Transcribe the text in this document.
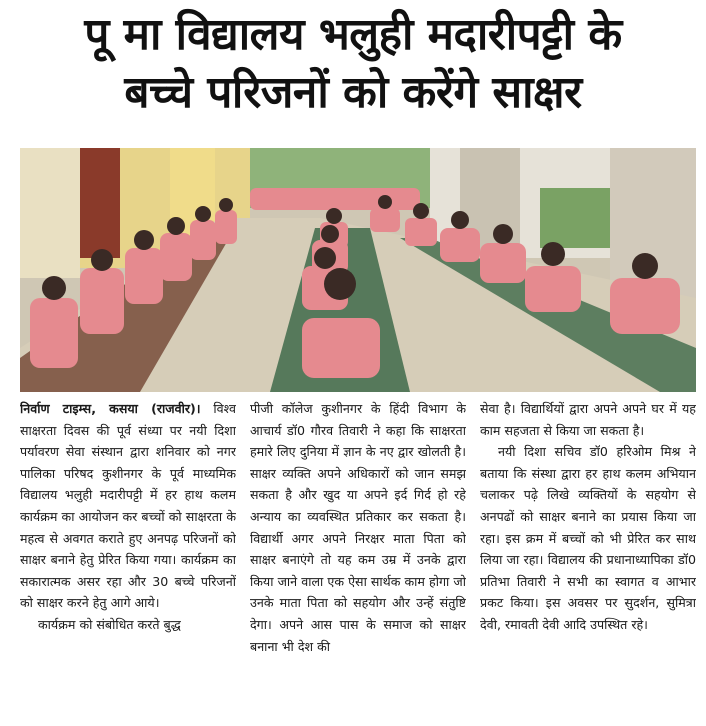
पू मा विद्यालय भलुही मदारीपट्टी के
बच्चे परिजनों को करेंगे साक्षर

निर्वाण टाइम्स, कसया (राजवीर)। विश्व साक्षरता दिवस की पूर्व संध्या पर नयी दिशा पर्यावरण सेवा संस्थान द्वारा शनिवार को नगर पालिका परिषद कुशीनगर के पूर्व माध्यमिक विद्यालय भलुही मदारीपट्टी में हर हाथ कलम कार्यक्रम का आयोजन कर बच्चों को साक्षरता के महत्व से अवगत कराते हुए अनपढ़ परिजनों को साक्षर बनाने हेतु प्रेरित किया गया। कार्यक्रम का सकारात्मक असर रहा और 30 बच्चे परिजनों को साक्षर करने हेतु आगे आये।

कार्यक्रम को संबोधित करते बुद्ध

पीजी कॉलेज कुशीनगर के हिंदी विभाग के आचार्य डॉ0 गौरव तिवारी ने कहा कि साक्षरता हमारे लिए दुनिया में ज्ञान के नए द्वार खोलती है। साक्षर व्यक्ति अपने अधिकारों को जान समझ सकता है और खुद या अपने इर्द गिर्द हो रहे अन्याय का व्यवस्थित प्रतिकार कर सकता है। विद्यार्थी अगर अपने निरक्षर माता पिता को साक्षर बनाएंगे तो यह कम उम्र में उनके द्वारा किया जाने वाला एक ऐसा सार्थक काम होगा जो उनके माता पिता को सहयोग और उन्हें संतुष्टि देगा। अपने आस पास के समाज को साक्षर बनाना भी देश की

सेवा है। विद्यार्थियों द्वारा अपने अपने घर में यह काम सहजता से किया जा सकता है।

नयी दिशा सचिव डॉ0 हरिओम मिश्र ने बताया कि संस्था द्वारा हर हाथ कलम अभियान चलाकर पढ़े लिखे व्यक्तियों के सहयोग से अनपढों को साक्षर बनाने का प्रयास किया जा रहा। इस क्रम में बच्चों को भी प्रेरित कर साथ लिया जा रहा। विद्यालय की प्रधानाध्यापिका डॉ0 प्रतिभा तिवारी ने सभी का स्वागत व आभार प्रकट किया। इस अवसर पर सुदर्शन, सुमित्रा देवी, रमावती देवी आदि उपस्थित रहे।
